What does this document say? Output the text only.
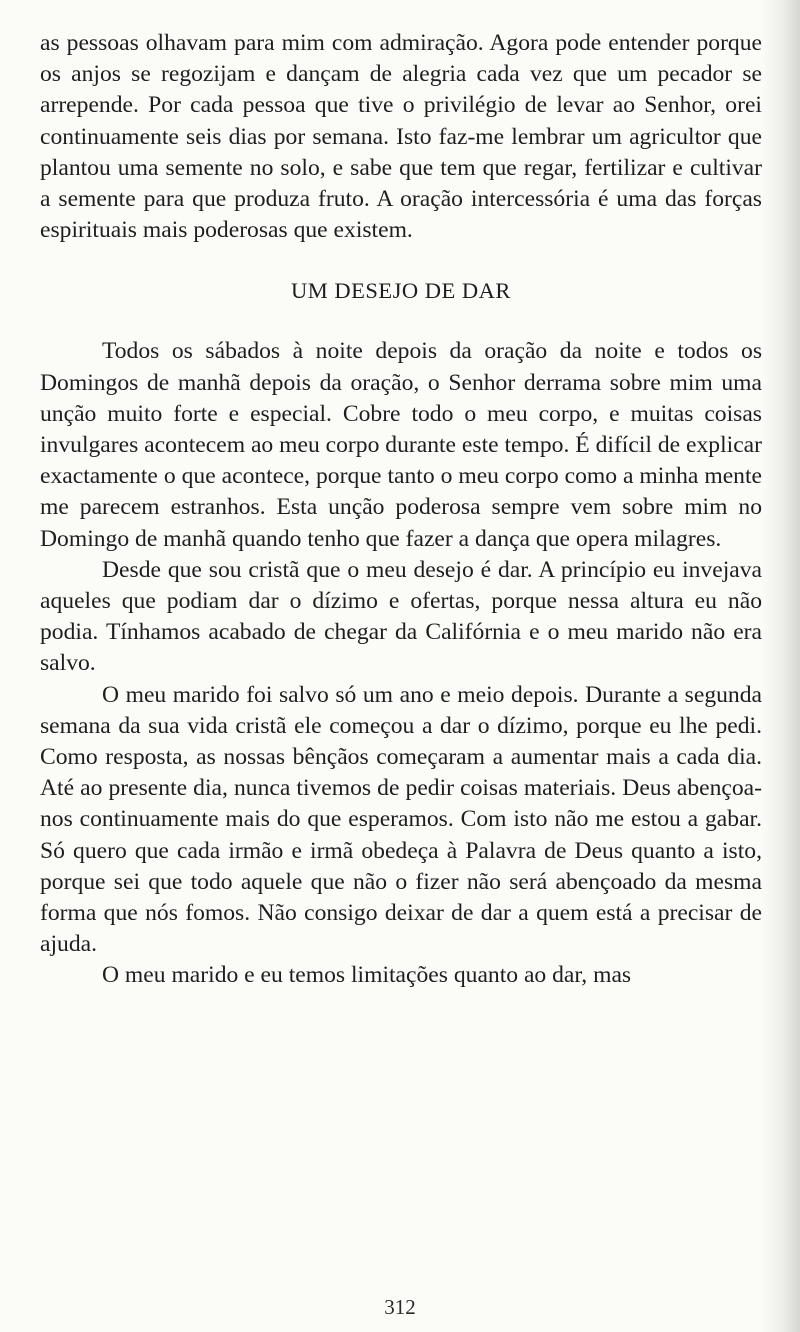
as pessoas olhavam para mim com admiração. Agora pode entender porque os anjos se regozijam e dançam de alegria cada vez que um pecador se arrepende. Por cada pessoa que tive o privilégio de levar ao Senhor, orei continuamente seis dias por semana. Isto faz-me lembrar um agricultor que plantou uma semente no solo, e sabe que tem que regar, fertilizar e cultivar a semente para que produza fruto. A oração intercessória é uma das forças espirituais mais poderosas que existem.

UM DESEJO DE DAR

Todos os sábados à noite depois da oração da noite e todos os Domingos de manhã depois da oração, o Senhor derrama sobre mim uma unção muito forte e especial. Cobre todo o meu corpo, e muitas coisas invulgares acontecem ao meu corpo durante este tempo. É difícil de explicar exactamente o que acontece, porque tanto o meu corpo como a minha mente me parecem estranhos. Esta unção poderosa sempre vem sobre mim no Domingo de manhã quando tenho que fazer a dança que opera milagres.

Desde que sou cristã que o meu desejo é dar. A princípio eu invejava aqueles que podiam dar o dízimo e ofertas, porque nessa altura eu não podia. Tínhamos acabado de chegar da Califórnia e o meu marido não era salvo.

O meu marido foi salvo só um ano e meio depois. Durante a segunda semana da sua vida cristã ele começou a dar o dízimo, porque eu lhe pedi. Como resposta, as nossas bênçãos começaram a aumentar mais a cada dia. Até ao presente dia, nunca tivemos de pedir coisas materiais. Deus abençoa-nos continuamente mais do que esperamos. Com isto não me estou a gabar. Só quero que cada irmão e irmã obedeça à Palavra de Deus quanto a isto, porque sei que todo aquele que não o fizer não será abençoado da mesma forma que nós fomos. Não consigo deixar de dar a quem está a precisar de ajuda.

O meu marido e eu temos limitações quanto ao dar, mas

312
